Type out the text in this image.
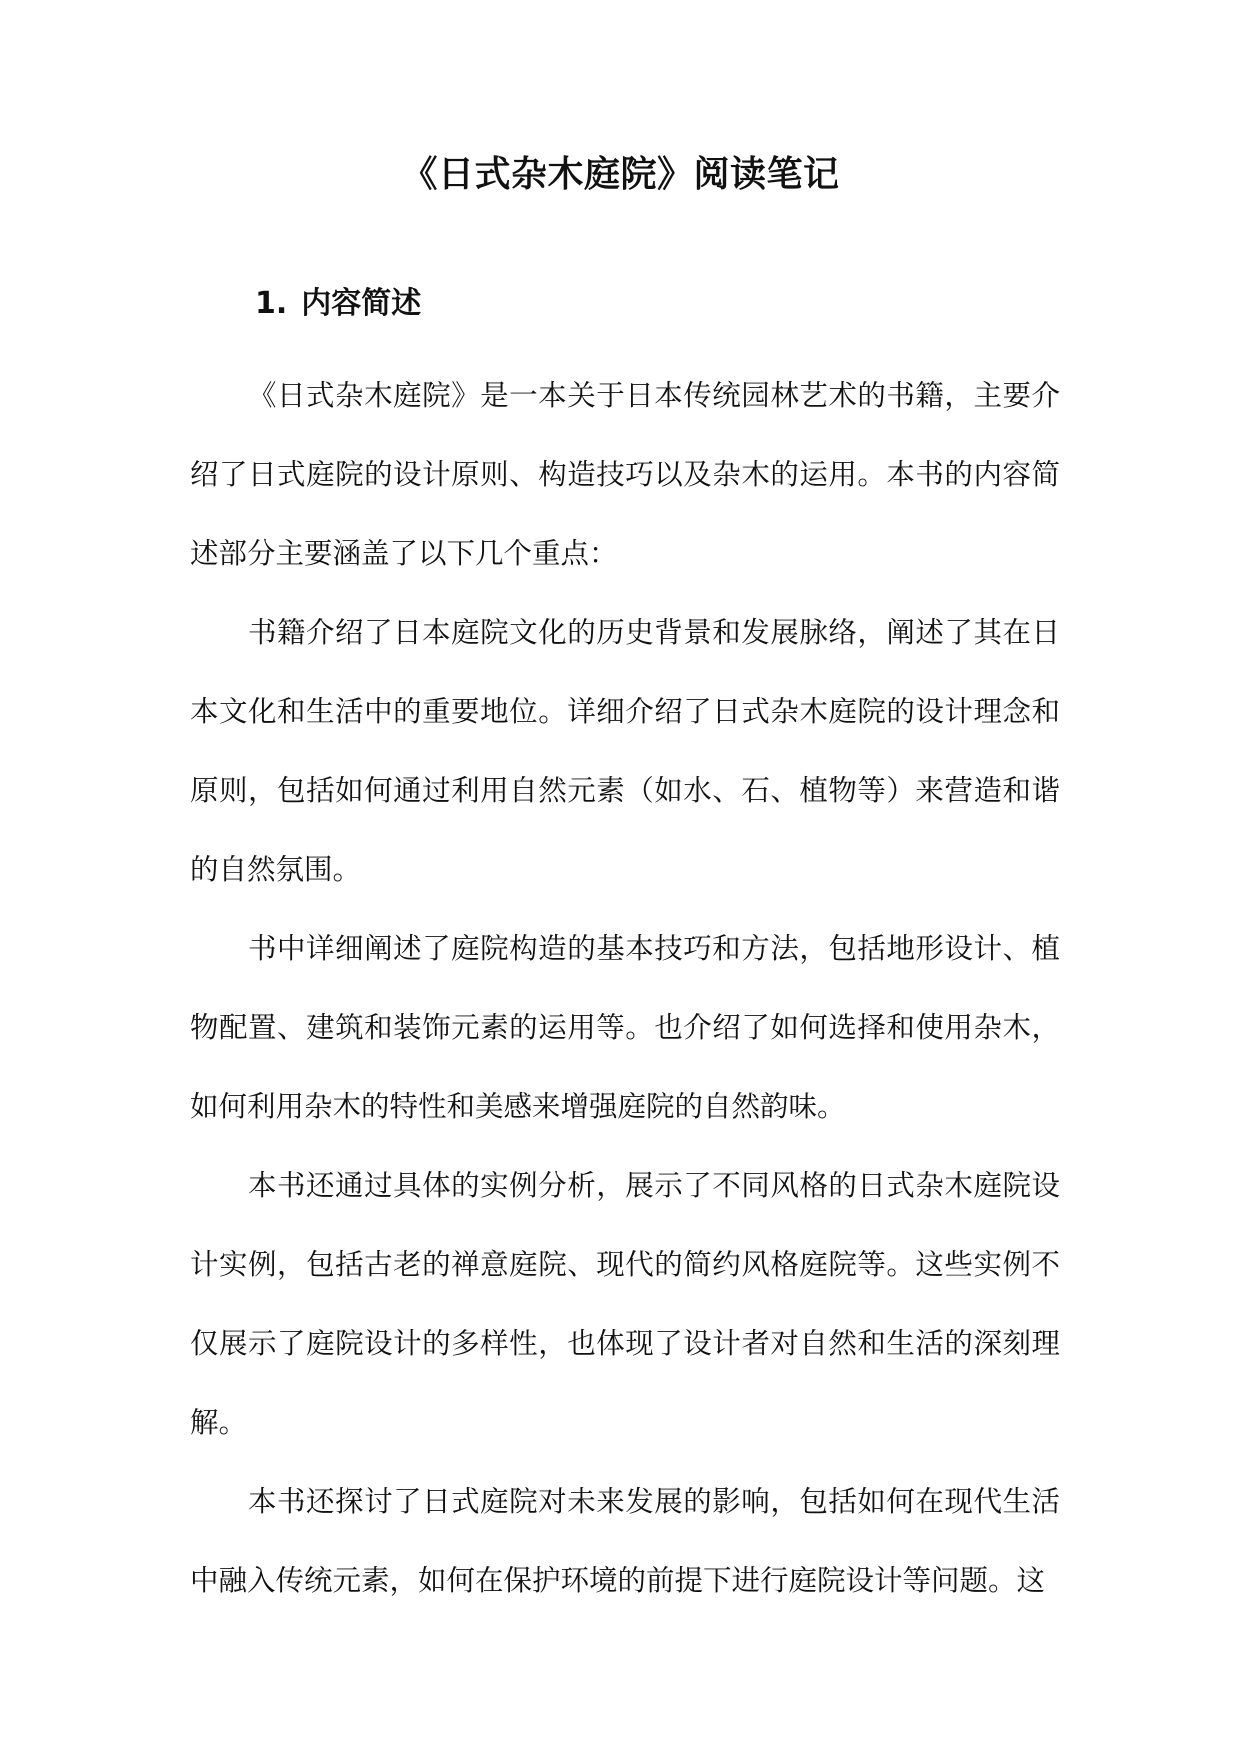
《日式杂木庭院》阅读笔记
1. 内容简述

《日式杂木庭院》是一本关于日本传统园林艺术的书籍，主要介绍了日式庭院的设计原则、构造技巧以及杂木的运用。本书的内容简述部分主要涵盖了以下几个重点：

书籍介绍了日本庭院文化的历史背景和发展脉络，阐述了其在日本文化和生活中的重要地位。详细介绍了日式杂木庭院的设计理念和原则，包括如何通过利用自然元素（如水、石、植物等）来营造和谐的自然氛围。

书中详细阐述了庭院构造的基本技巧和方法，包括地形设计、植物配置、建筑和装饰元素的运用等。也介绍了如何选择和使用杂木，如何利用杂木的特性和美感来增强庭院的自然韵味。

本书还通过具体的实例分析，展示了不同风格的日式杂木庭院设计实例，包括古老的禅意庭院、现代的简约风格庭院等。这些实例不仅展示了庭院设计的多样性，也体现了设计者对自然和生活的深刻理解。

本书还探讨了日式庭院对未来发展的影响，包括如何在现代生活中融入传统元素，如何在保护环境的前提下进行庭院设计等问题。这
